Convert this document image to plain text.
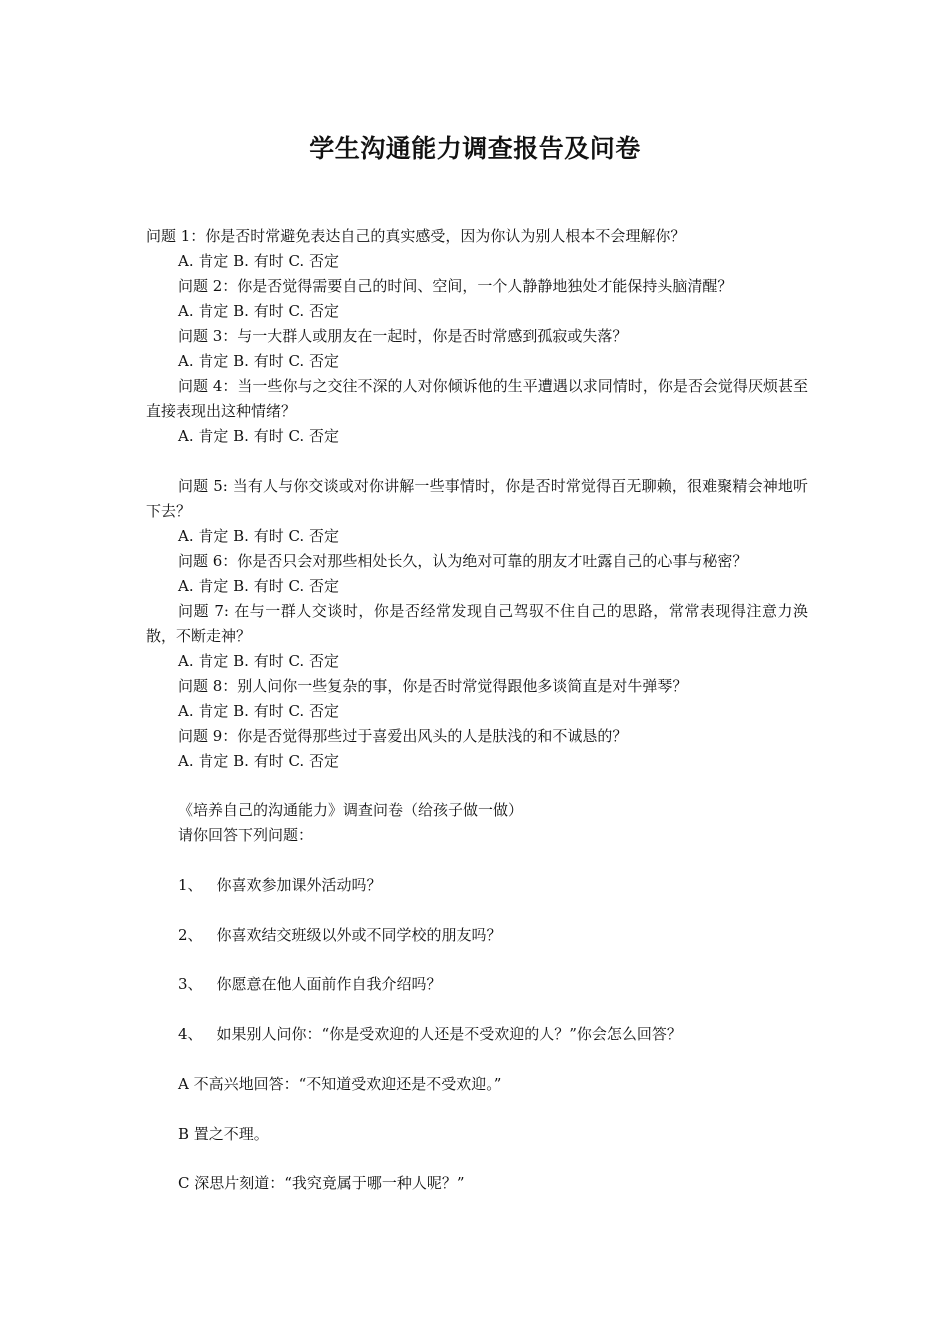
学生沟通能力调查报告及问卷
问题 1：你是否时常避免表达自己的真实感受，因为你认为别人根本不会理解你？
A. 肯定 B. 有时 C. 否定
问题 2：你是否觉得需要自己的时间、空间，一个人静静地独处才能保持头脑清醒？
A. 肯定 B. 有时 C. 否定
问题 3：与一大群人或朋友在一起时，你是否时常感到孤寂或失落？
A. 肯定 B. 有时 C. 否定
问题 4：当一些你与之交往不深的人对你倾诉他的生平遭遇以求同情时，你是否会觉得厌烦甚至直接表现出这种情绪？
A. 肯定 B. 有时 C. 否定
问题 5: 当有人与你交谈或对你讲解一些事情时，你是否时常觉得百无聊赖，很难聚精会神地听下去？
A. 肯定 B. 有时 C. 否定
问题 6：你是否只会对那些相处长久，认为绝对可靠的朋友才吐露自己的心事与秘密？
A. 肯定 B. 有时 C. 否定
问题 7: 在与一群人交谈时，你是否经常发现自己驾驭不住自己的思路，常常表现得注意力涣散，不断走神？
A. 肯定 B. 有时 C. 否定
问题 8：别人问你一些复杂的事，你是否时常觉得跟他多谈简直是对牛弹琴？
A. 肯定 B. 有时 C. 否定
问题 9：你是否觉得那些过于喜爱出风头的人是肤浅的和不诚恳的？
A. 肯定 B. 有时 C. 否定
《培养自己的沟通能力》调查问卷（给孩子做一做）
请你回答下列问题：
1、 你喜欢参加课外活动吗？
2、 你喜欢结交班级以外或不同学校的朋友吗？
3、 你愿意在他人面前作自我介绍吗？
4、 如果别人问你：“你是受欢迎的人还是不受欢迎的人？”你会怎么回答？
A 不高兴地回答：“不知道受欢迎还是不受欢迎。”
B 置之不理。
C 深思片刻道：“我究竟属于哪一种人呢？”
